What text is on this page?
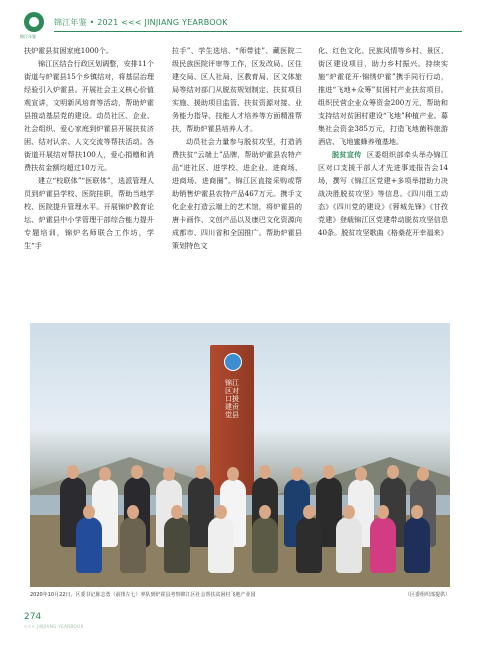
锦江年鉴
锦江年鉴 • 2021 <<< JINJIANG YEARBOOK

扶炉霍县贫困家庭1000个。

锦江区结合行政区划调整，安排11个街道与炉霍县15个乡镇结对，将基层治理经验引入炉霍县。开展社会主义核心价值观宣讲，文明新风培育等活动，帮助炉霍县推动基层党的建设。动员社区、企业、社会组织、爱心家庭到炉霍县开展扶贫济困、结对认亲、人文交流等帮扶活动。各街道开展结对帮扶100人，爱心捐赠和消费扶贫金额均超过10万元。

建立“校联体”“医联体”，选派管理人员到炉霍县学校、医院挂职，帮助当地学校、医院提升管理水平。开展锦炉教育论坛、炉霍县中小学管理干部综合能力提升专题培训，锦炉名师联合工作坊，学生“手

拉手”、学生选培、“师带徒”、藏医院二级民族医院评审等工作，区发改局、区住建交局、区人社局、区教育局、区文体旅局等结对部门从脱贫规划制定、扶贫项目实施、援助项目监管、扶贫资源对接、业务能力指导、技能人才培养等方面精准帮扶，帮助炉霍县培养人才。

动员社会力量参与脱贫攻坚，打造消费扶贫“云端上”品牌，帮助炉霍县农特产品“进社区、进学校、进企业、进商场、进商场、进商圈”。锦江区直接采购或帮助销售炉霍县农特产品467万元。携手文化企业打造云端上的艺术馆，将炉霍县的唐卡画作、文创产品以及康巴文化资源向成都市、四川省和全国推广。帮助炉霍县策划特色文

化、红色文化、民族风情等乡村、景区、街区建设项目，助力乡村振兴。持续实施“炉霍花开·锦绣炉霍”携手同行行动，推进“飞地+众筹”贫困村产业扶贫项目。组织民营企业众筹资金200万元，帮助和支持结对贫困村建设“飞地”种植产业。募集社会资金385万元，打造飞地菌科旅游酒店、飞地蜜蜂养殖基地。

脱贫宣传 区委组织部牵头举办锦江区对口支援干部人才先进事迹报告会14场，撰写《锦江区党建+多项举措助力决战决胜脱贫攻坚》等信息。《四川组工动态》《四川党的建设》《蓉城先锋》《甘孜党建》登载锦江区党建带动脱贫攻坚信息40条。脱贫攻坚歌曲《格桑花开幸福来》

锦江区对口援建贡觉县
2020年10月22日，区委书记陈志勇（前排左七）率队到炉霍县考察锦江区社会帮扶贫困村飞地产业园	（区委组织部提供）
274
<<< JINJIANG YEARBOOK
